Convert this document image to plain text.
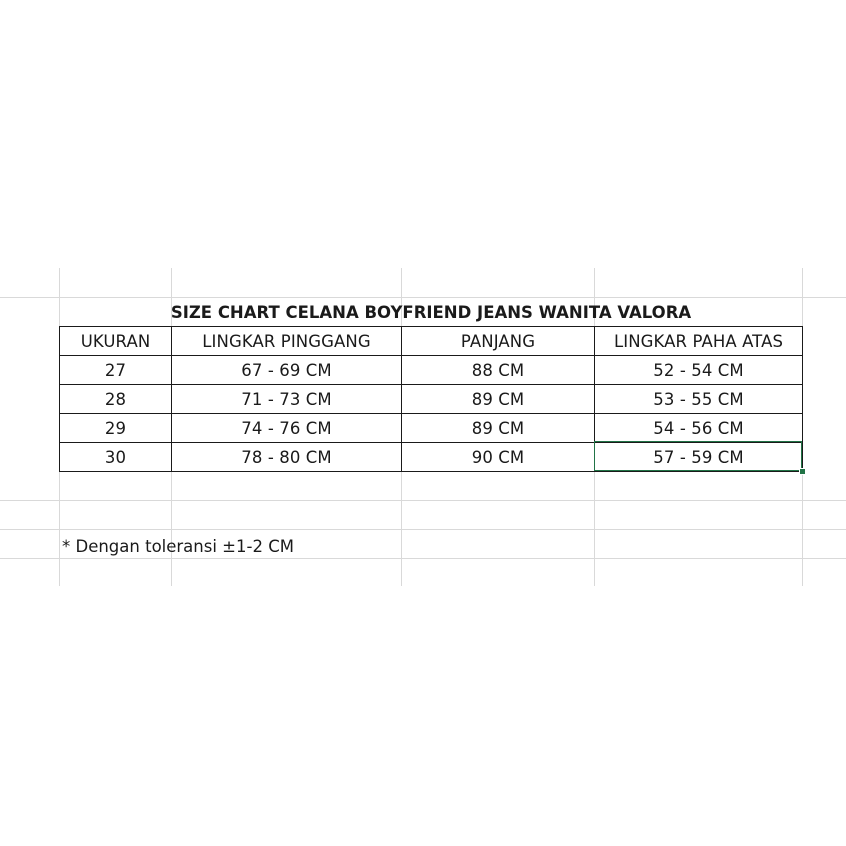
SIZE CHART CELANA BOYFRIEND JEANS WANITA VALORA
UKURAN	LINGKAR PINGGANG	PANJANG	LINGKAR PAHA ATAS
27	67 - 69 CM	88 CM	52 - 54 CM
28	71 - 73 CM	89 CM	53 - 55 CM
29	74 - 76 CM	89 CM	54 - 56 CM
30	78 - 80 CM	90 CM	57 - 59 CM
* Dengan toleransi ±1-2 CM
